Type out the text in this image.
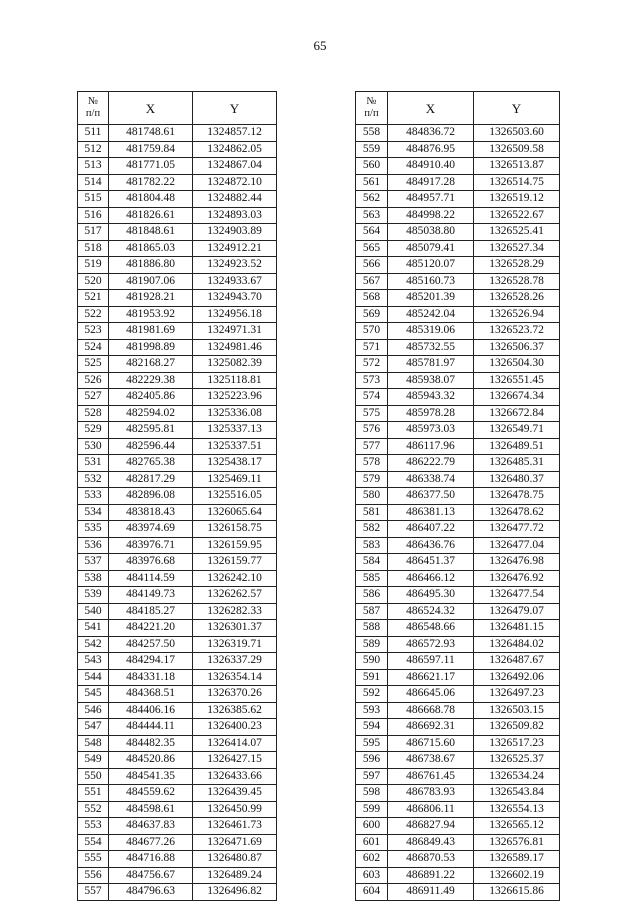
65
№
п/п	X	Y
511	481748.61	1324857.12
512	481759.84	1324862.05
513	481771.05	1324867.04
514	481782.22	1324872.10
515	481804.48	1324882.44
516	481826.61	1324893.03
517	481848.61	1324903.89
518	481865.03	1324912.21
519	481886.80	1324923.52
520	481907.06	1324933.67
521	481928.21	1324943.70
522	481953.92	1324956.18
523	481981.69	1324971.31
524	481998.89	1324981.46
525	482168.27	1325082.39
526	482229.38	1325118.81
527	482405.86	1325223.96
528	482594.02	1325336.08
529	482595.81	1325337.13
530	482596.44	1325337.51
531	482765.38	1325438.17
532	482817.29	1325469.11
533	482896.08	1325516.05
534	483818.43	1326065.64
535	483974.69	1326158.75
536	483976.71	1326159.95
537	483976.68	1326159.77
538	484114.59	1326242.10
539	484149.73	1326262.57
540	484185.27	1326282.33
541	484221.20	1326301.37
542	484257.50	1326319.71
543	484294.17	1326337.29
544	484331.18	1326354.14
545	484368.51	1326370.26
546	484406.16	1326385.62
547	484444.11	1326400.23
548	484482.35	1326414.07
549	484520.86	1326427.15
550	484541.35	1326433.66
551	484559.62	1326439.45
552	484598.61	1326450.99
553	484637.83	1326461.73
554	484677.26	1326471.69
555	484716.88	1326480.87
556	484756.67	1326489.24
557	484796.63	1326496.82
№
п/п	X	Y
558	484836.72	1326503.60
559	484876.95	1326509.58
560	484910.40	1326513.87
561	484917.28	1326514.75
562	484957.71	1326519.12
563	484998.22	1326522.67
564	485038.80	1326525.41
565	485079.41	1326527.34
566	485120.07	1326528.29
567	485160.73	1326528.78
568	485201.39	1326528.26
569	485242.04	1326526.94
570	485319.06	1326523.72
571	485732.55	1326506.37
572	485781.97	1326504.30
573	485938.07	1326551.45
574	485943.32	1326674.34
575	485978.28	1326672.84
576	485973.03	1326549.71
577	486117.96	1326489.51
578	486222.79	1326485.31
579	486338.74	1326480.37
580	486377.50	1326478.75
581	486381.13	1326478.62
582	486407.22	1326477.72
583	486436.76	1326477.04
584	486451.37	1326476.98
585	486466.12	1326476.92
586	486495.30	1326477.54
587	486524.32	1326479.07
588	486548.66	1326481.15
589	486572.93	1326484.02
590	486597.11	1326487.67
591	486621.17	1326492.06
592	486645.06	1326497.23
593	486668.78	1326503.15
594	486692.31	1326509.82
595	486715.60	1326517.23
596	486738.67	1326525.37
597	486761.45	1326534.24
598	486783.93	1326543.84
599	486806.11	1326554.13
600	486827.94	1326565.12
601	486849.43	1326576.81
602	486870.53	1326589.17
603	486891.22	1326602.19
604	486911.49	1326615.86
